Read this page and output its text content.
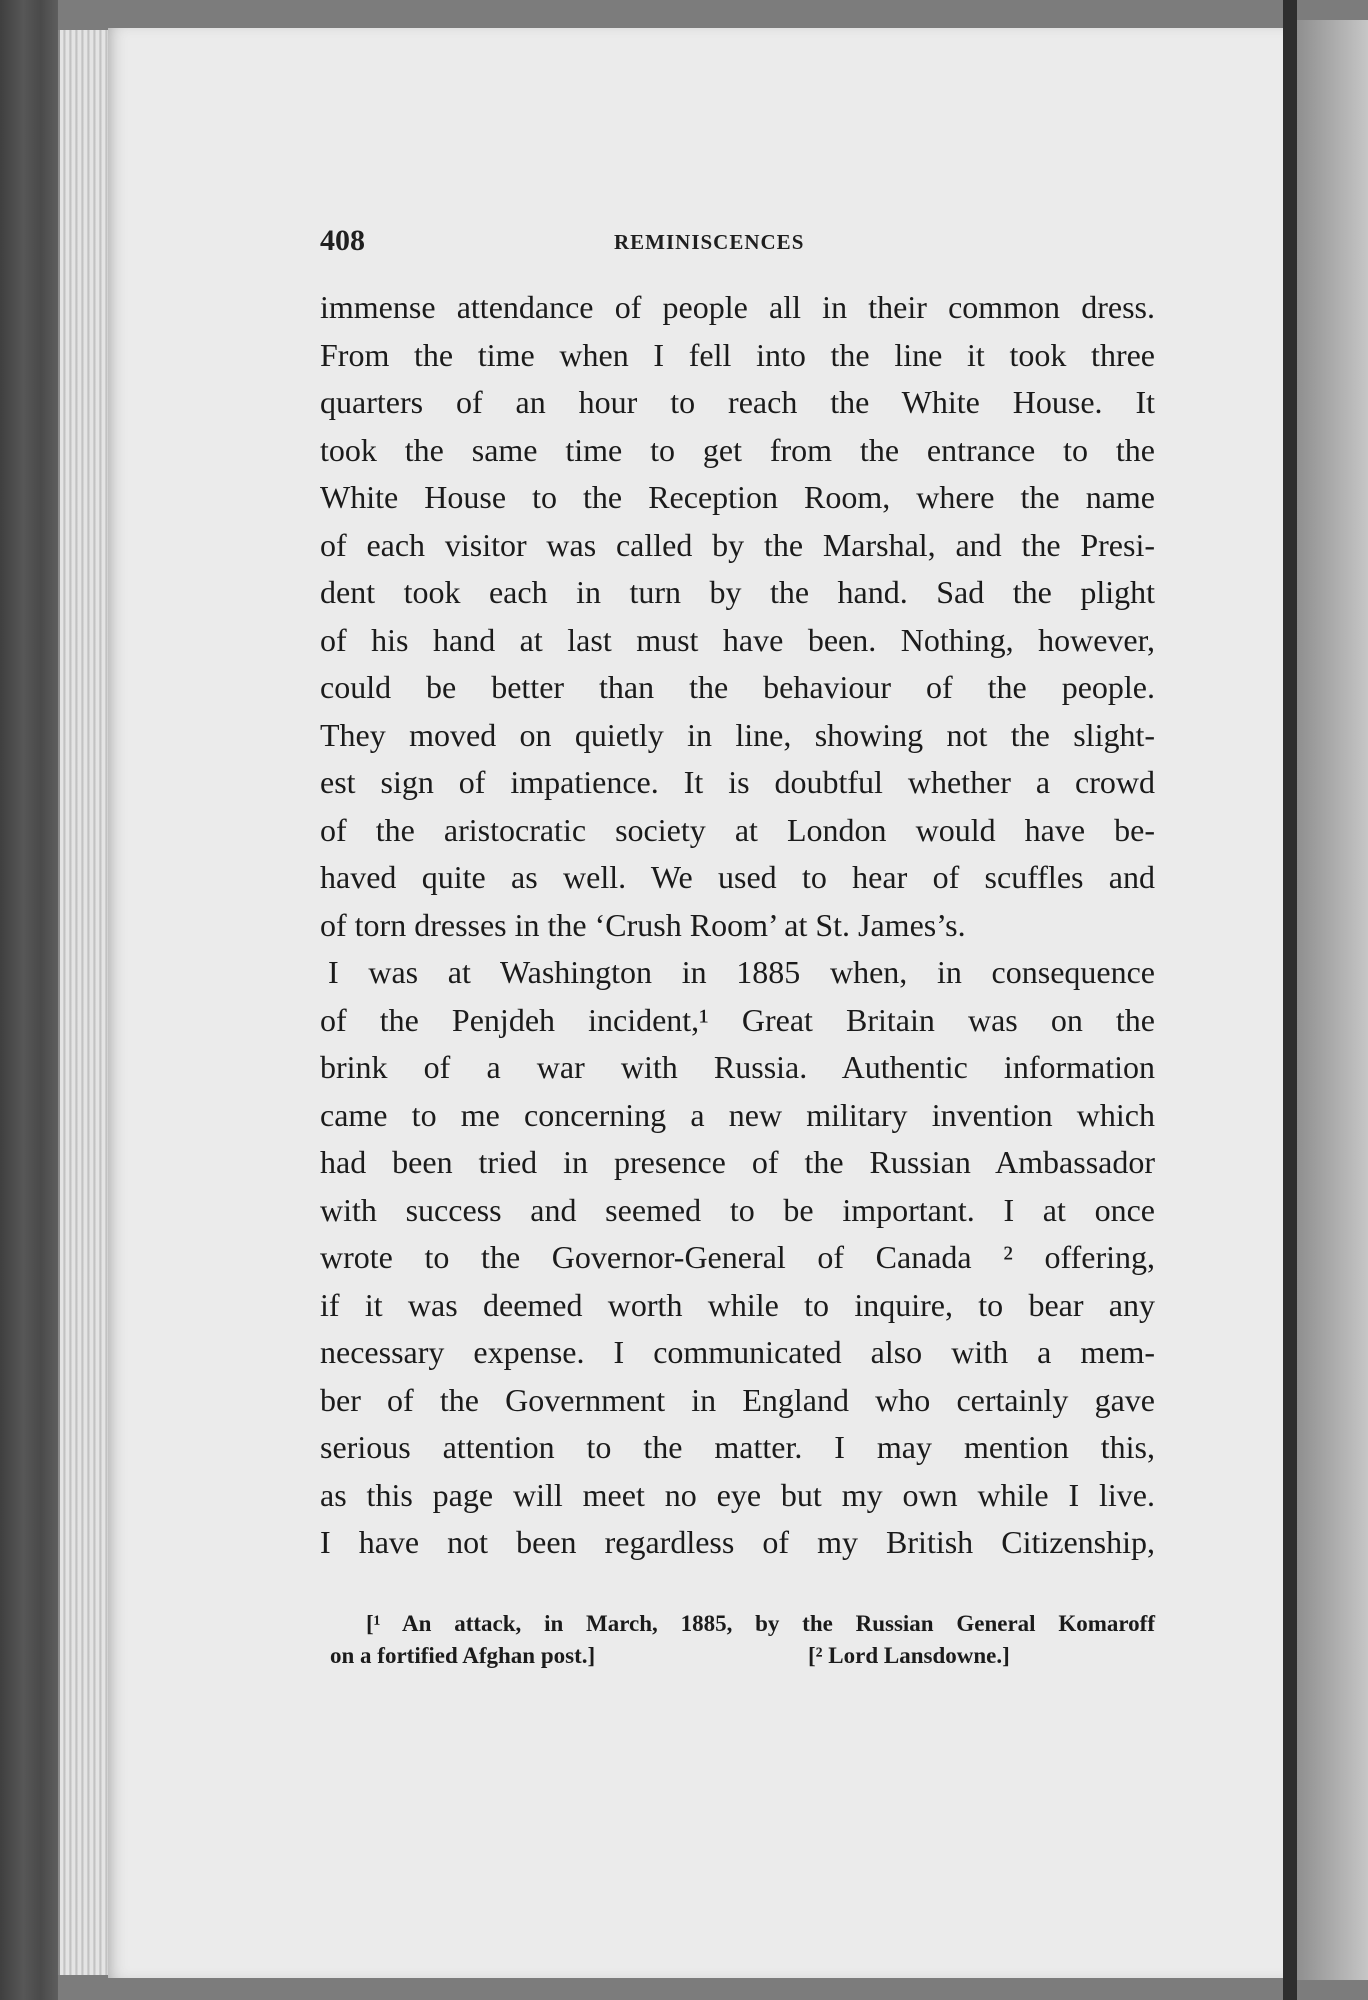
408	REMINISCENCES
immense attendance of people all in their common dress.
From the time when I fell into the line it took three
quarters of an hour to reach the White House. It
took the same time to get from the entrance to the
White House to the Reception Room, where the name
of each visitor was called by the Marshal, and the Presi-
dent took each in turn by the hand. Sad the plight
of his hand at last must have been. Nothing, however,
could be better than the behaviour of the people.
They moved on quietly in line, showing not the slight-
est sign of impatience. It is doubtful whether a crowd
of the aristocratic society at London would have be-
haved quite as well. We used to hear of scuffles and
of torn dresses in the ‘Crush Room’ at St. James’s.
I was at Washington in 1885 when, in consequence
of the Penjdeh incident,¹ Great Britain was on the
brink of a war with Russia. Authentic information
came to me concerning a new military invention which
had been tried in presence of the Russian Ambassador
with success and seemed to be important. I at once
wrote to the Governor-General of Canada ² offering,
if it was deemed worth while to inquire, to bear any
necessary expense. I communicated also with a mem-
ber of the Government in England who certainly gave
serious attention to the matter. I may mention this,
as this page will meet no eye but my own while I live.
I have not been regardless of my British Citizenship,
[¹ An attack, in March, 1885, by the Russian General Komaroff
on a fortified Afghan post.]	[² Lord Lansdowne.]
